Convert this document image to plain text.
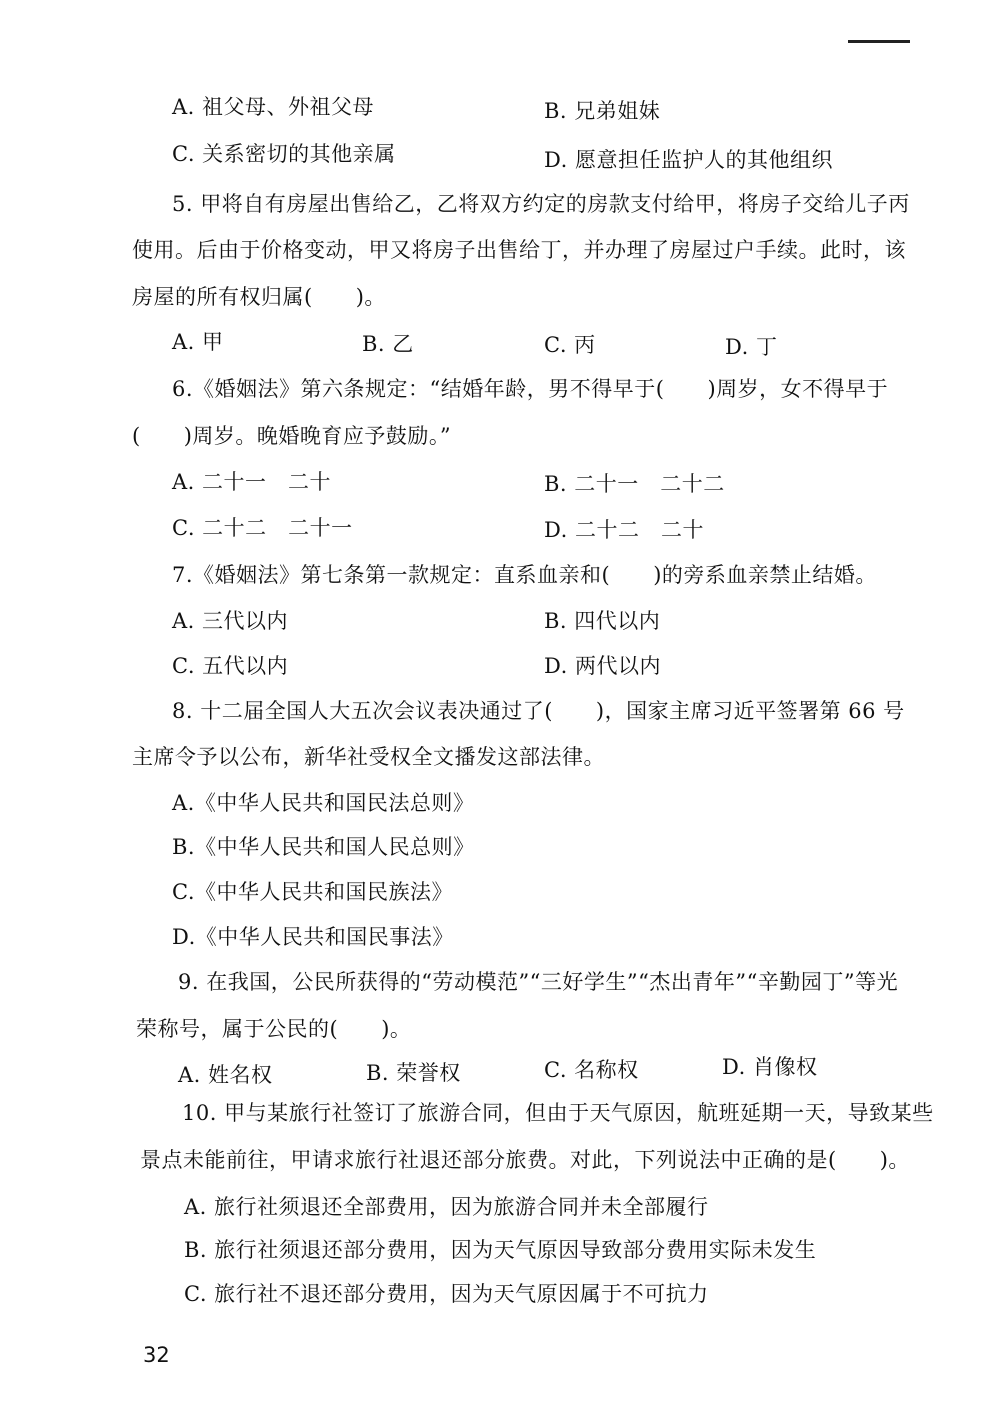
A. 祖父母、外祖父母	B. 兄弟姐妹
C. 关系密切的其他亲属	D. 愿意担任监护人的其他组织
5. 甲将自有房屋出售给乙，乙将双方约定的房款支付给甲，将房子交给儿子丙
使用。后由于价格变动，甲又将房子出售给丁，并办理了房屋过户手续。此时，该
房屋的所有权归属(　　)。
A. 甲	B. 乙	C. 丙	D. 丁
6.《婚姻法》第六条规定：“结婚年龄，男不得早于(　　)周岁，女不得早于
(　　)周岁。晚婚晚育应予鼓励。”
A. 二十一　二十	B. 二十一　二十二
C. 二十二　二十一	D. 二十二　二十
7.《婚姻法》第七条第一款规定：直系血亲和(　　)的旁系血亲禁止结婚。
A. 三代以内	B. 四代以内
C. 五代以内	D. 两代以内
8. 十二届全国人大五次会议表决通过了(　　)，国家主席习近平签署第 66 号
主席令予以公布，新华社受权全文播发这部法律。
A.《中华人民共和国民法总则》
B.《中华人民共和国人民总则》
C.《中华人民共和国民族法》
D.《中华人民共和国民事法》
9. 在我国，公民所获得的“劳动模范”“三好学生”“杰出青年”“辛勤园丁”等光
荣称号，属于公民的(　　)。
A. 姓名权	B. 荣誉权	C. 名称权	D. 肖像权
10. 甲与某旅行社签订了旅游合同，但由于天气原因，航班延期一天，导致某些
景点未能前往，甲请求旅行社退还部分旅费。对此，下列说法中正确的是(　　)。
A. 旅行社须退还全部费用，因为旅游合同并未全部履行
B. 旅行社须退还部分费用，因为天气原因导致部分费用实际未发生
C. 旅行社不退还部分费用，因为天气原因属于不可抗力
32
